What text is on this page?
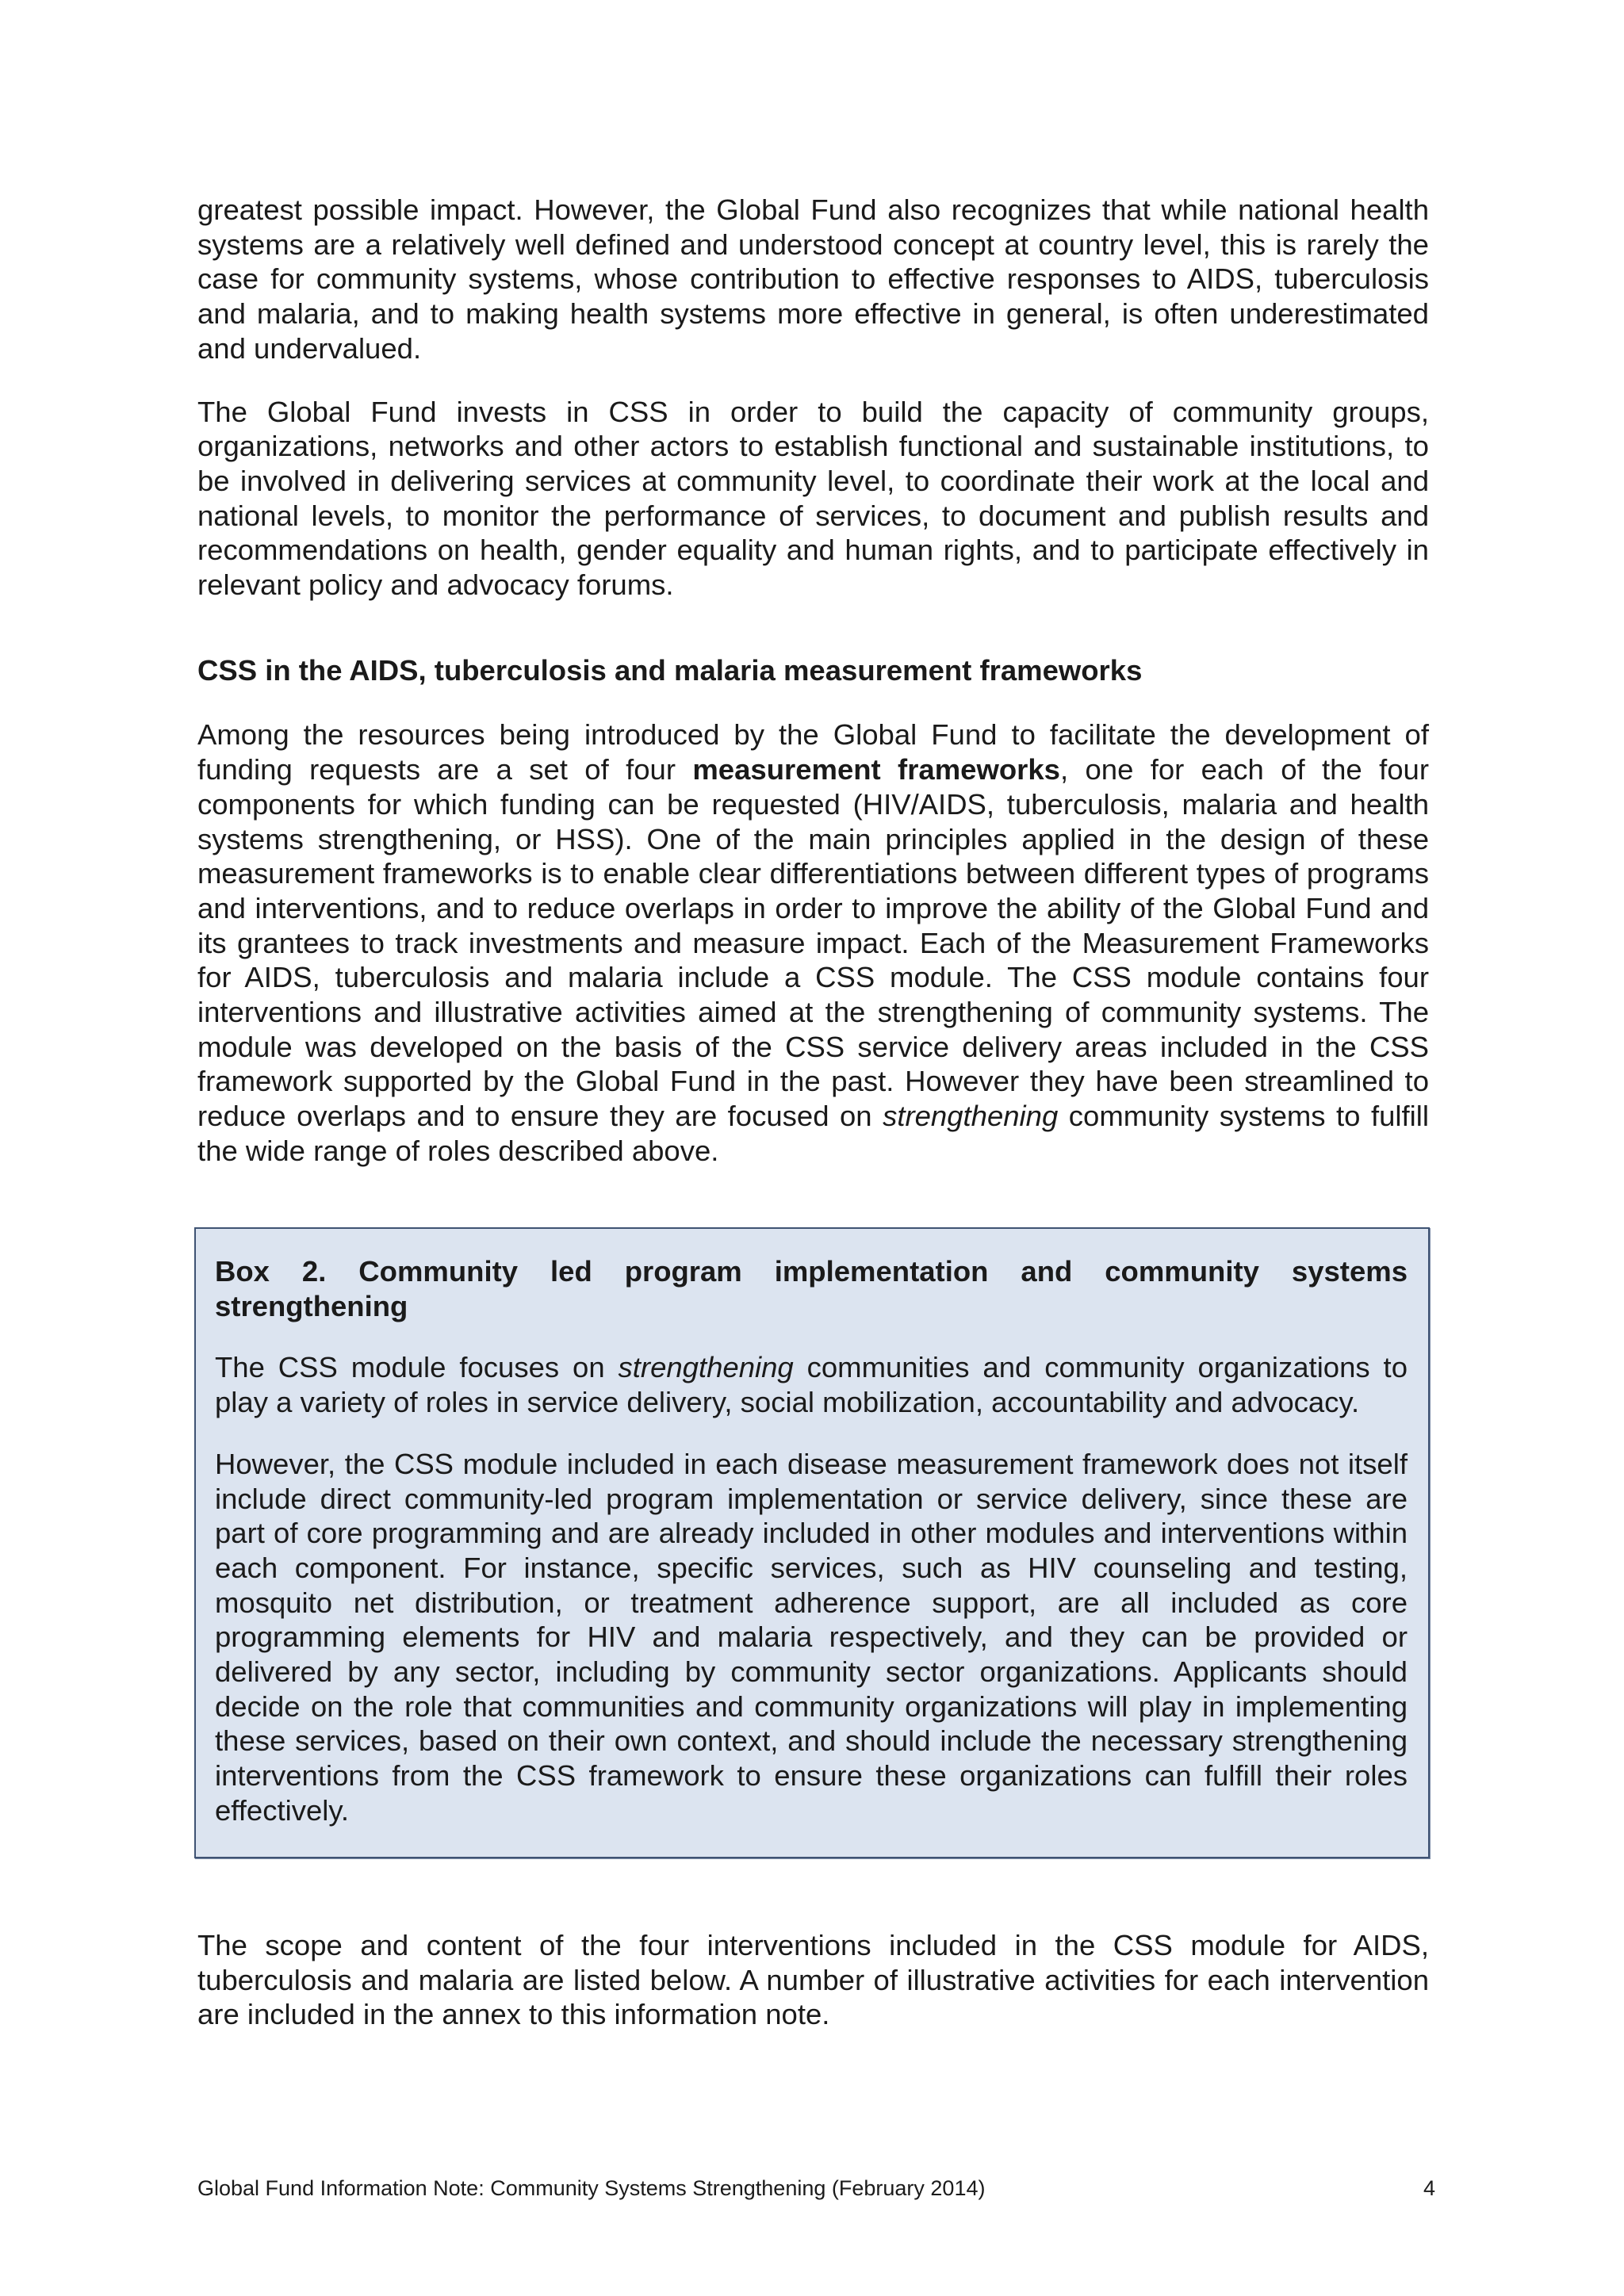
greatest possible impact. However, the Global Fund also recognizes that while national health systems are a relatively well defined and understood concept at country level, this is rarely the case for community systems, whose contribution to effective responses to AIDS, tuberculosis and malaria, and to making health systems more effective in general, is often underestimated and undervalued.

The Global Fund invests in CSS in order to build the capacity of community groups, organizations, networks and other actors to establish functional and sustainable institutions, to be involved in delivering services at community level, to coordinate their work at the local and national levels, to monitor the performance of services, to document and publish results and recommendations on health, gender equality and human rights, and to participate effectively in relevant policy and advocacy forums.

CSS in the AIDS, tuberculosis and malaria measurement frameworks

Among the resources being introduced by the Global Fund to facilitate the development of funding requests are a set of four measurement frameworks, one for each of the four components for which funding can be requested (HIV/AIDS, tuberculosis, malaria and health systems strengthening, or HSS). One of the main principles applied in the design of these measurement frameworks is to enable clear differentiations between different types of programs and interventions, and to reduce overlaps in order to improve the ability of the Global Fund and its grantees to track investments and measure impact. Each of the Measurement Frameworks for AIDS, tuberculosis and malaria include a CSS module. The CSS module contains four interventions and illustrative activities aimed at the strengthening of community systems. The module was developed on the basis of the CSS service delivery areas included in the CSS framework supported by the Global Fund in the past. However they have been streamlined to reduce overlaps and to ensure they are focused on strengthening community systems to fulfill the wide range of roles described above.

Box 2. Community led program implementation and community systems strengthening

The CSS module focuses on strengthening communities and community organizations to play a variety of roles in service delivery, social mobilization, accountability and advocacy.

However, the CSS module included in each disease measurement framework does not itself include direct community-led program implementation or service delivery, since these are part of core programming and are already included in other modules and interventions within each component. For instance, specific services, such as HIV counseling and testing, mosquito net distribution, or treatment adherence support, are all included as core programming elements for HIV and malaria respectively, and they can be provided or delivered by any sector, including by community sector organizations. Applicants should decide on the role that communities and community organizations will play in implementing these services, based on their own context, and should include the necessary strengthening interventions from the CSS framework to ensure these organizations can fulfill their roles effectively.

The scope and content of the four interventions included in the CSS module for AIDS, tuberculosis and malaria are listed below. A number of illustrative activities for each intervention are included in the annex to this information note.

Global Fund Information Note: Community Systems Strengthening (February 2014)	4
